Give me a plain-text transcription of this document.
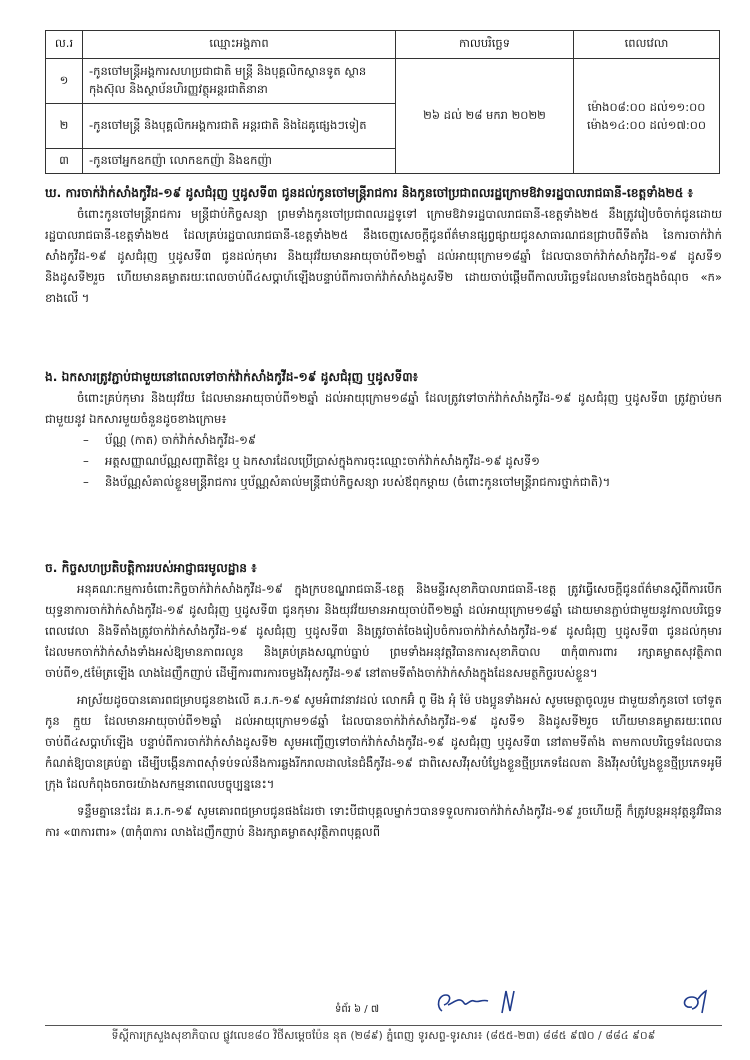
ល.រ	ឈ្មោះអង្គភាព	កាលបរិច្ឆេទ	ពេលវេលា
១	-កូនចៅមន្ត្រីអង្គការសហប្រជាជាតិ មន្ត្រី និងបុគ្គលិកស្ថានទូត ស្ថានកុងស៊ុល និងស្ថាប័នហិរញ្ញវត្ថុអន្តរជាតិនានា	២៦ ដល់ ២៨ មករា ២០២២	ម៉ោង០៨:០០ ដល់១១:០០
ម៉ោង១៤:០០ ដល់១៧:០០

២	-កូនចៅមន្ត្រី និងបុគ្គលិកអង្គការជាតិ អន្តរជាតិ និងដៃគូផ្សេងៗទៀត		
៣	-កូនចៅអ្នកឧកញ៉ា លោកឧកញ៉ា និងឧកញ៉ា		
ឃ. ការចាក់វ៉ាក់សាំងកូវីដ-១៩ ដូសជំរុញ ឬដូសទី៣ ជូនដល់កូនចៅមន្ត្រីរាជការ និងកូនចៅប្រជាពលរដ្ឋក្រោមឱវាទរដ្ឋបាលរាជធានី-ខេត្តទាំង២៥ ៖
ចំពោះកូនចៅមន្ត្រីរាជការ មន្ត្រីជាប់កិច្ចសន្យា ព្រមទាំងកូនចៅប្រជាពលរដ្ឋទូទៅ ក្រោមឱវាទរដ្ឋបាលរាជធានី-ខេត្តទាំង២៥ នឹងត្រូវរៀបចំចាក់ជូនដោយរដ្ឋបាលរាជធានី-ខេត្តទាំង២៥ ដែលគ្រប់រដ្ឋបាលរាជធានី-ខេត្តទាំង២៥ នឹងចេញសេចក្តីជូនព័ត៌មានផ្សព្វផ្សាយជូនសាធារណជនជ្រាបពីទីតាំង នៃការចាក់វ៉ាក់សាំងកូវីដ-១៩ ដូសជំរុញ ឬដូសទី៣ ជូនដល់កុមារ និងយុវវ័យមានអាយុចាប់ពី១២ឆ្នាំ ដល់អាយុក្រោម១៨ឆ្នាំ ដែលបានចាក់វ៉ាក់សាំងកូវីដ-១៩ ដូសទី១ និងដូសទី២រួច ហើយមានគម្លាតរយៈពេលចាប់ពី៤សប្តាហ៍ឡើងបន្ទាប់ពីការចាក់វ៉ាក់សាំងដូសទី២ ដោយចាប់ផ្តើមពីកាលបរិច្ឆេទដែលមានចែងក្នុងចំណុច «ក» ខាងលើ ។
ង. ឯកសារត្រូវភ្ជាប់ជាមួយនៅពេលទៅចាក់វ៉ាក់សាំងកូវីដ-១៩ ដូសជំរុញ ឬដូសទី៣៖
ចំពោះគ្រប់កុមារ និងយុវវ័យ ដែលមានអាយុចាប់ពី១២ឆ្នាំ ដល់អាយុក្រោម១៨ឆ្នាំ ដែលត្រូវទៅចាក់វ៉ាក់សាំងកូវីដ-១៩ ដូសជំរុញ ឬដូសទី៣ ត្រូវភ្ជាប់មកជាមួយនូវ ឯកសារមួយចំនួនដូចខាងក្រោម៖
– ប័ណ្ណ (កាត) ចាក់វ៉ាក់សាំងកូវីដ-១៩
– អត្តសញ្ញាណប័ណ្ណសញ្ជាតិខ្មែរ ឬ ឯកសារដែលប្រើប្រាស់ក្នុងការចុះឈ្មោះចាក់វ៉ាក់សាំងកូវីដ-១៩ ដូសទី១
– និងប័ណ្ណសំគាល់ខ្លួនមន្ត្រីរាជការ ឬប័ណ្ណសំគាល់មន្ត្រីជាប់កិច្ចសន្យា របស់ឪពុកម្តាយ (ចំពោះកូនចៅមន្ត្រីរាជការថ្នាក់ជាតិ)។
ច. កិច្ចសហប្រតិបត្តិការរបស់អាជ្ញាធរមូលដ្ឋាន ៖
អនុគណៈកម្មការចំពោះកិច្ចចាក់វ៉ាក់សាំងកូវីដ-១៩ ក្នុងក្របខណ្ឌរាជធានី-ខេត្ត និងមន្ទីរសុខាភិបាលរាជធានី-ខេត្ត ត្រូវធ្វើសេចក្តីជូនព័ត៌មានស្តីពីការបើកយុទ្ធនាការចាក់វ៉ាក់សាំងកូវីដ-១៩ ដូសជំរុញ ឬដូសទី៣ ជូនកុមារ និងយុវវ័យមានអាយុចាប់ពី១២ឆ្នាំ ដល់អាយុក្រោម១៨ឆ្នាំ ដោយមានភ្ជាប់ជាមួយនូវកាលបរិច្ឆេទ ពេលវេលា និងទីតាំងត្រូវចាក់វ៉ាក់សាំងកូវីដ-១៩ ដូសជំរុញ ឬដូសទី៣ និងត្រូវចាត់ចែងរៀបចំការចាក់វ៉ាក់សាំងកូវីដ-១៩ ដូសជំរុញ ឬដូសទី៣ ជូនដល់កុមារ ដែលមកចាក់វ៉ាក់សាំងទាំងអស់ឱ្យមានភាពរលូន និងគ្រប់គ្រងសណ្តាប់ធ្នាប់ ព្រមទាំងអនុវត្តវិធានការសុខាភិបាល ៣កុំ៣ការពារ រក្សាគម្លាតសុវត្ថិភាពចាប់ពី១,៥ម៉ែត្រឡើង លាងដៃញឹកញាប់ ដើម្បីការពារការចម្លងវីរុសកូវីដ-១៩ នៅតាមទីតាំងចាក់វ៉ាក់សាំងក្នុងដែនសមត្ថកិច្ចរបស់ខ្លួន។
អាស្រ័យដូចបានគោរពជម្រាបជូនខាងលើ គ.រ.ក-១៩ សូមអំពាវនាវដល់ លោកអ៊ំ ពូ មីង អុំ ម៉ែ បងប្អូនទាំងអស់ សូមមេត្តាចូលរួម ជាមួយនាំកូនចៅ ចៅទួត កូន ក្មួយ ដែលមានអាយុចាប់ពី១២ឆ្នាំ ដល់អាយុក្រោម១៨ឆ្នាំ ដែលបានចាក់វ៉ាក់សាំងកូវីដ-១៩ ដូសទី១ និងដូសទី២រួច ហើយមានគម្លាតរយៈពេលចាប់ពី៤សប្តាហ៍ឡើង បន្ទាប់ពីការចាក់វ៉ាក់សាំងដូសទី២ សូមអញ្ជើញទៅចាក់វ៉ាក់សាំងកូវីដ-១៩ ដូសជំរុញ ឬដូសទី៣ នៅតាមទីតាំង តាមកាលបរិច្ឆេទដែលបានកំណត់ឱ្យបានគ្រប់គ្នា ដើម្បីបង្កើនភាពស៊ាំទប់ទល់នឹងការឆ្លងរីករាលដាលនៃជំងឺកូវីដ-១៩ ជាពិសេសវីរុសបំប្លែងខ្លួនថ្មីប្រភេទដែលតា និងវីរុសបំប្លែងខ្លួនថ្មីប្រភេទអូមីក្រុង ដែលកំពុងចរាចរយ៉ាងសកម្មនាពេលបច្ចុប្បន្ននេះ។
ទន្ទឹមគ្នានេះដែរ គ.រ.ក-១៩ សូមគោរពជម្រាបជូនផងដែរថា ទោះបីជាបុគ្គលម្នាក់ៗបានទទួលការចាក់វ៉ាក់សាំងកូវីដ-១៩ រួចហើយក្តី ក៏ត្រូវបន្តអនុវត្តនូវវិធានការ «៣ការពារ» (៣កុំ៣ការ លាងដៃញឹកញាប់ និងរក្សាគម្លាតសុវត្ថិភាពបុគ្គលពី
ទំព័រ ៦ / ៧
ទីស្តីការក្រសួងសុខាភិបាល ផ្លូវលេខ៨០ វិថីសម្តេចប៉ែន នុត (២៨៩) ភ្នំពេញ ទូរសព្ទ-ទូរសារ៖ (៨៥៥-២៣) ៨៨៥ ៩៧០ / ៨៨៤ ៩០៩
